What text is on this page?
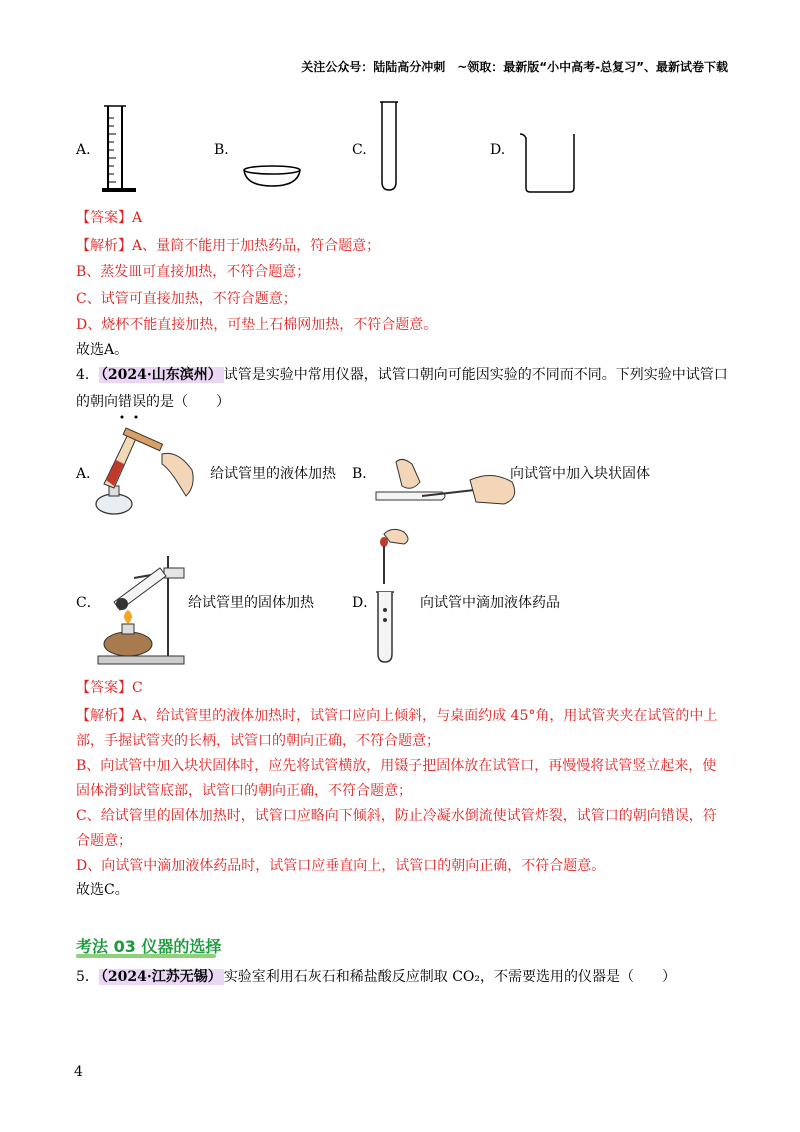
关注公众号：陆陆高分冲刺　~领取：最新版“小中高考-总复习”、最新试卷下载
A.	B.	C.	D.
【答案】A
【解析】A、量筒不能用于加热药品，符合题意；
B、蒸发皿可直接加热，不符合题意；
C、试管可直接加热，不符合题意；
D、烧杯不能直接加热，可垫上石棉网加热，不符合题意。
故选A。
4． （2024·山东滨州） 试管是实验中常用仪器，试管口朝向可能因实验的不同而不同。下列实验中试管口
的朝向错误的是（　　）
A．	给试管里的液体加热 B．	向试管中加入块状固体
C．	给试管里的固体加热	D．	向试管中滴加液体药品
【答案】C
【解析】A、给试管里的液体加热时，试管口应向上倾斜，与桌面约成 45°角，用试管夹夹在试管的中上
部，手握试管夹的长柄，试管口的朝向正确，不符合题意；
B、向试管中加入块状固体时，应先将试管横放，用镊子把固体放在试管口，再慢慢将试管竖立起来，使
固体滑到试管底部，试管口的朝向正确，不符合题意；
C、给试管里的固体加热时，试管口应略向下倾斜，防止冷凝水倒流使试管炸裂，试管口的朝向错误，符
合题意；
D、向试管中滴加液体药品时，试管口应垂直向上，试管口的朝向正确，不符合题意。
故选C。
考法 03 仪器的选择
5． （2024·江苏无锡） 实验室利用石灰石和稀盐酸反应制取 CO₂，不需要选用的仪器是（　　）
4
